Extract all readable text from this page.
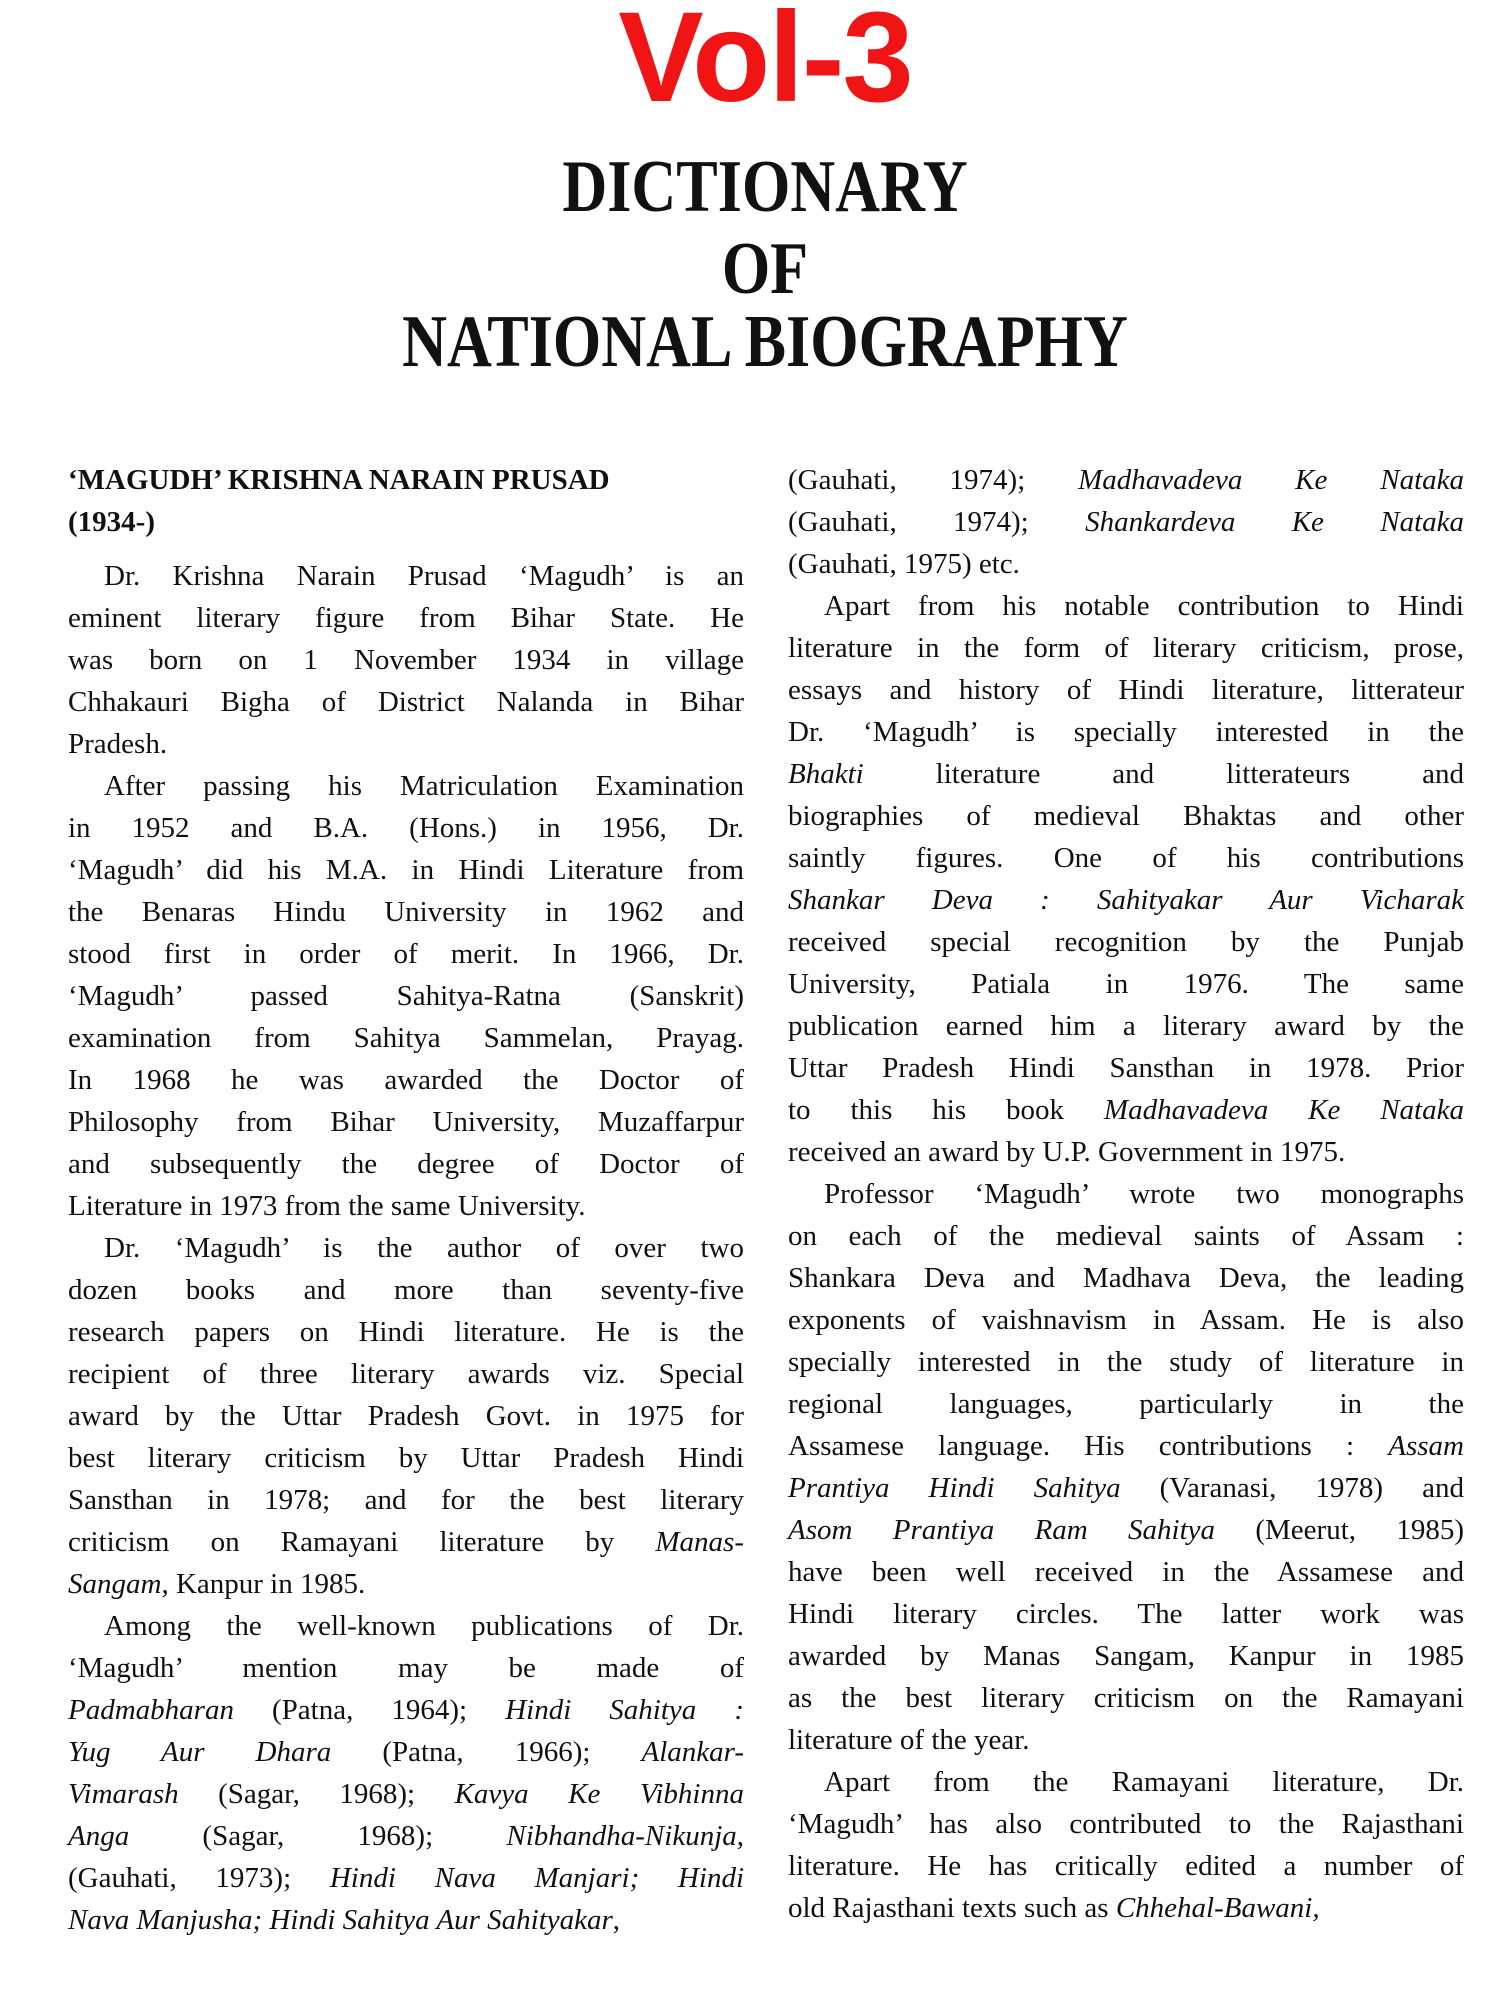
Vol-3
DICTIONARY
OF
NATIONAL BIOGRAPHY
‘MAGUDH’ KRISHNA NARAIN PRUSAD
(1934-)
Dr. Krishna Narain Prusad ‘Magudh’ is an
eminent literary figure from Bihar State. He
was born on 1 November 1934 in village
Chhakauri Bigha of District Nalanda in Bihar
Pradesh.
After passing his Matriculation Examination
in 1952 and B.A. (Hons.) in 1956, Dr.
‘Magudh’ did his M.A. in Hindi Literature from
the Benaras Hindu University in 1962 and
stood first in order of merit. In 1966, Dr.
‘Magudh’ passed Sahitya-Ratna (Sanskrit)
examination from Sahitya Sammelan, Prayag.
In 1968 he was awarded the Doctor of
Philosophy from Bihar University, Muzaffarpur
and subsequently the degree of Doctor of
Literature in 1973 from the same University.
Dr. ‘Magudh’ is the author of over two
dozen books and more than seventy-five
research papers on Hindi literature. He is the
recipient of three literary awards viz. Special
award by the Uttar Pradesh Govt. in 1975 for
best literary criticism by Uttar Pradesh Hindi
Sansthan in 1978; and for the best literary
criticism on Ramayani literature by Manas-
Sangam, Kanpur in 1985.
Among the well-known publications of Dr.
‘Magudh’ mention may be made of
Padmabharan (Patna, 1964); Hindi Sahitya :
Yug Aur Dhara (Patna, 1966); Alankar-
Vimarash (Sagar, 1968); Kavya Ke Vibhinna
Anga (Sagar, 1968); Nibhandha-Nikunja,
(Gauhati, 1973); Hindi Nava Manjari; Hindi
Nava Manjusha; Hindi Sahitya Aur Sahityakar,
(Gauhati, 1974); Madhavadeva Ke Nataka
(Gauhati, 1974); Shankardeva Ke Nataka
(Gauhati, 1975) etc.
Apart from his notable contribution to Hindi
literature in the form of literary criticism, prose,
essays and history of Hindi literature, litterateur
Dr. ‘Magudh’ is specially interested in the
Bhakti literature and litterateurs and
biographies of medieval Bhaktas and other
saintly figures. One of his contributions
Shankar Deva : Sahityakar Aur Vicharak
received special recognition by the Punjab
University, Patiala in 1976. The same
publication earned him a literary award by the
Uttar Pradesh Hindi Sansthan in 1978. Prior
to this his book Madhavadeva Ke Nataka
received an award by U.P. Government in 1975.
Professor ‘Magudh’ wrote two monographs
on each of the medieval saints of Assam :
Shankara Deva and Madhava Deva, the leading
exponents of vaishnavism in Assam. He is also
specially interested in the study of literature in
regional languages, particularly in the
Assamese language. His contributions : Assam
Prantiya Hindi Sahitya (Varanasi, 1978) and
Asom Prantiya Ram Sahitya (Meerut, 1985)
have been well received in the Assamese and
Hindi literary circles. The latter work was
awarded by Manas Sangam, Kanpur in 1985
as the best literary criticism on the Ramayani
literature of the year.
Apart from the Ramayani literature, Dr.
‘Magudh’ has also contributed to the Rajasthani
literature. He has critically edited a number of
old Rajasthani texts such as Chhehal-Bawani,
